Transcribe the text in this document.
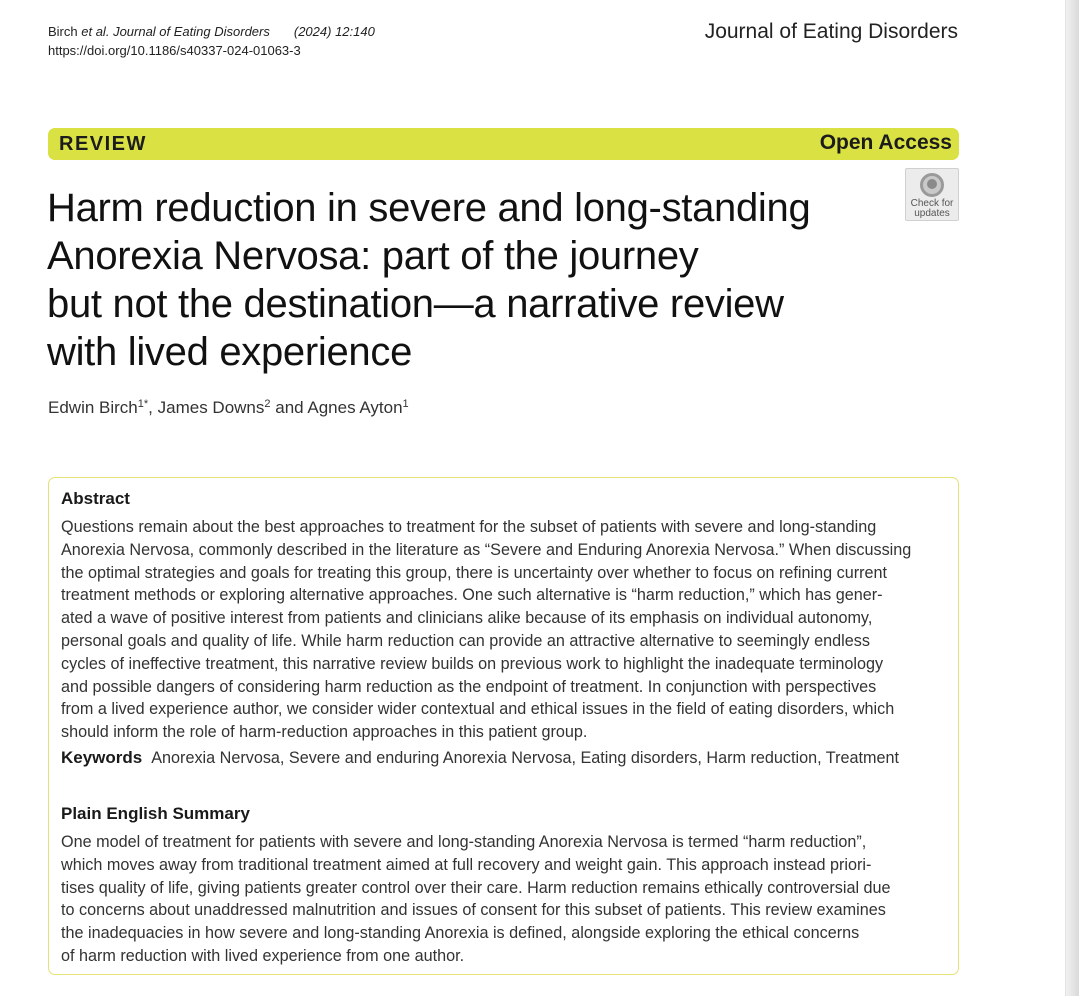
Birch et al. Journal of Eating Disorders (2024) 12:140
https://doi.org/10.1186/s40337-024-01063-3
Journal of Eating Disorders
REVIEW	Open Access
Harm reduction in severe and long-standing
Anorexia Nervosa: part of the journey
but not the destination—a narrative review
with lived experience
Check for
updates
Edwin Birch$^{1*}$, James Downs$^2$ and Agnes Ayton$^1$
Abstract
Questions remain about the best approaches to treatment for the subset of patients with severe and long-standing
Anorexia Nervosa, commonly described in the literature as “Severe and Enduring Anorexia Nervosa.” When discussing
the optimal strategies and goals for treating this group, there is uncertainty over whether to focus on refining current
treatment methods or exploring alternative approaches. One such alternative is “harm reduction,” which has gener-
ated a wave of positive interest from patients and clinicians alike because of its emphasis on individual autonomy,
personal goals and quality of life. While harm reduction can provide an attractive alternative to seemingly endless
cycles of ineffective treatment, this narrative review builds on previous work to highlight the inadequate terminology
and possible dangers of considering harm reduction as the endpoint of treatment. In conjunction with perspectives
from a lived experience author, we consider wider contextual and ethical issues in the field of eating disorders, which
should inform the role of harm-reduction approaches in this patient group.
Keywords Anorexia Nervosa, Severe and enduring Anorexia Nervosa, Eating disorders, Harm reduction, Treatment
Plain English Summary
One model of treatment for patients with severe and long-standing Anorexia Nervosa is termed “harm reduction”,
which moves away from traditional treatment aimed at full recovery and weight gain. This approach instead priori-
tises quality of life, giving patients greater control over their care. Harm reduction remains ethically controversial due
to concerns about unaddressed malnutrition and issues of consent for this subset of patients. This review examines
the inadequacies in how severe and long-standing Anorexia is defined, alongside exploring the ethical concerns
of harm reduction with lived experience from one author.
